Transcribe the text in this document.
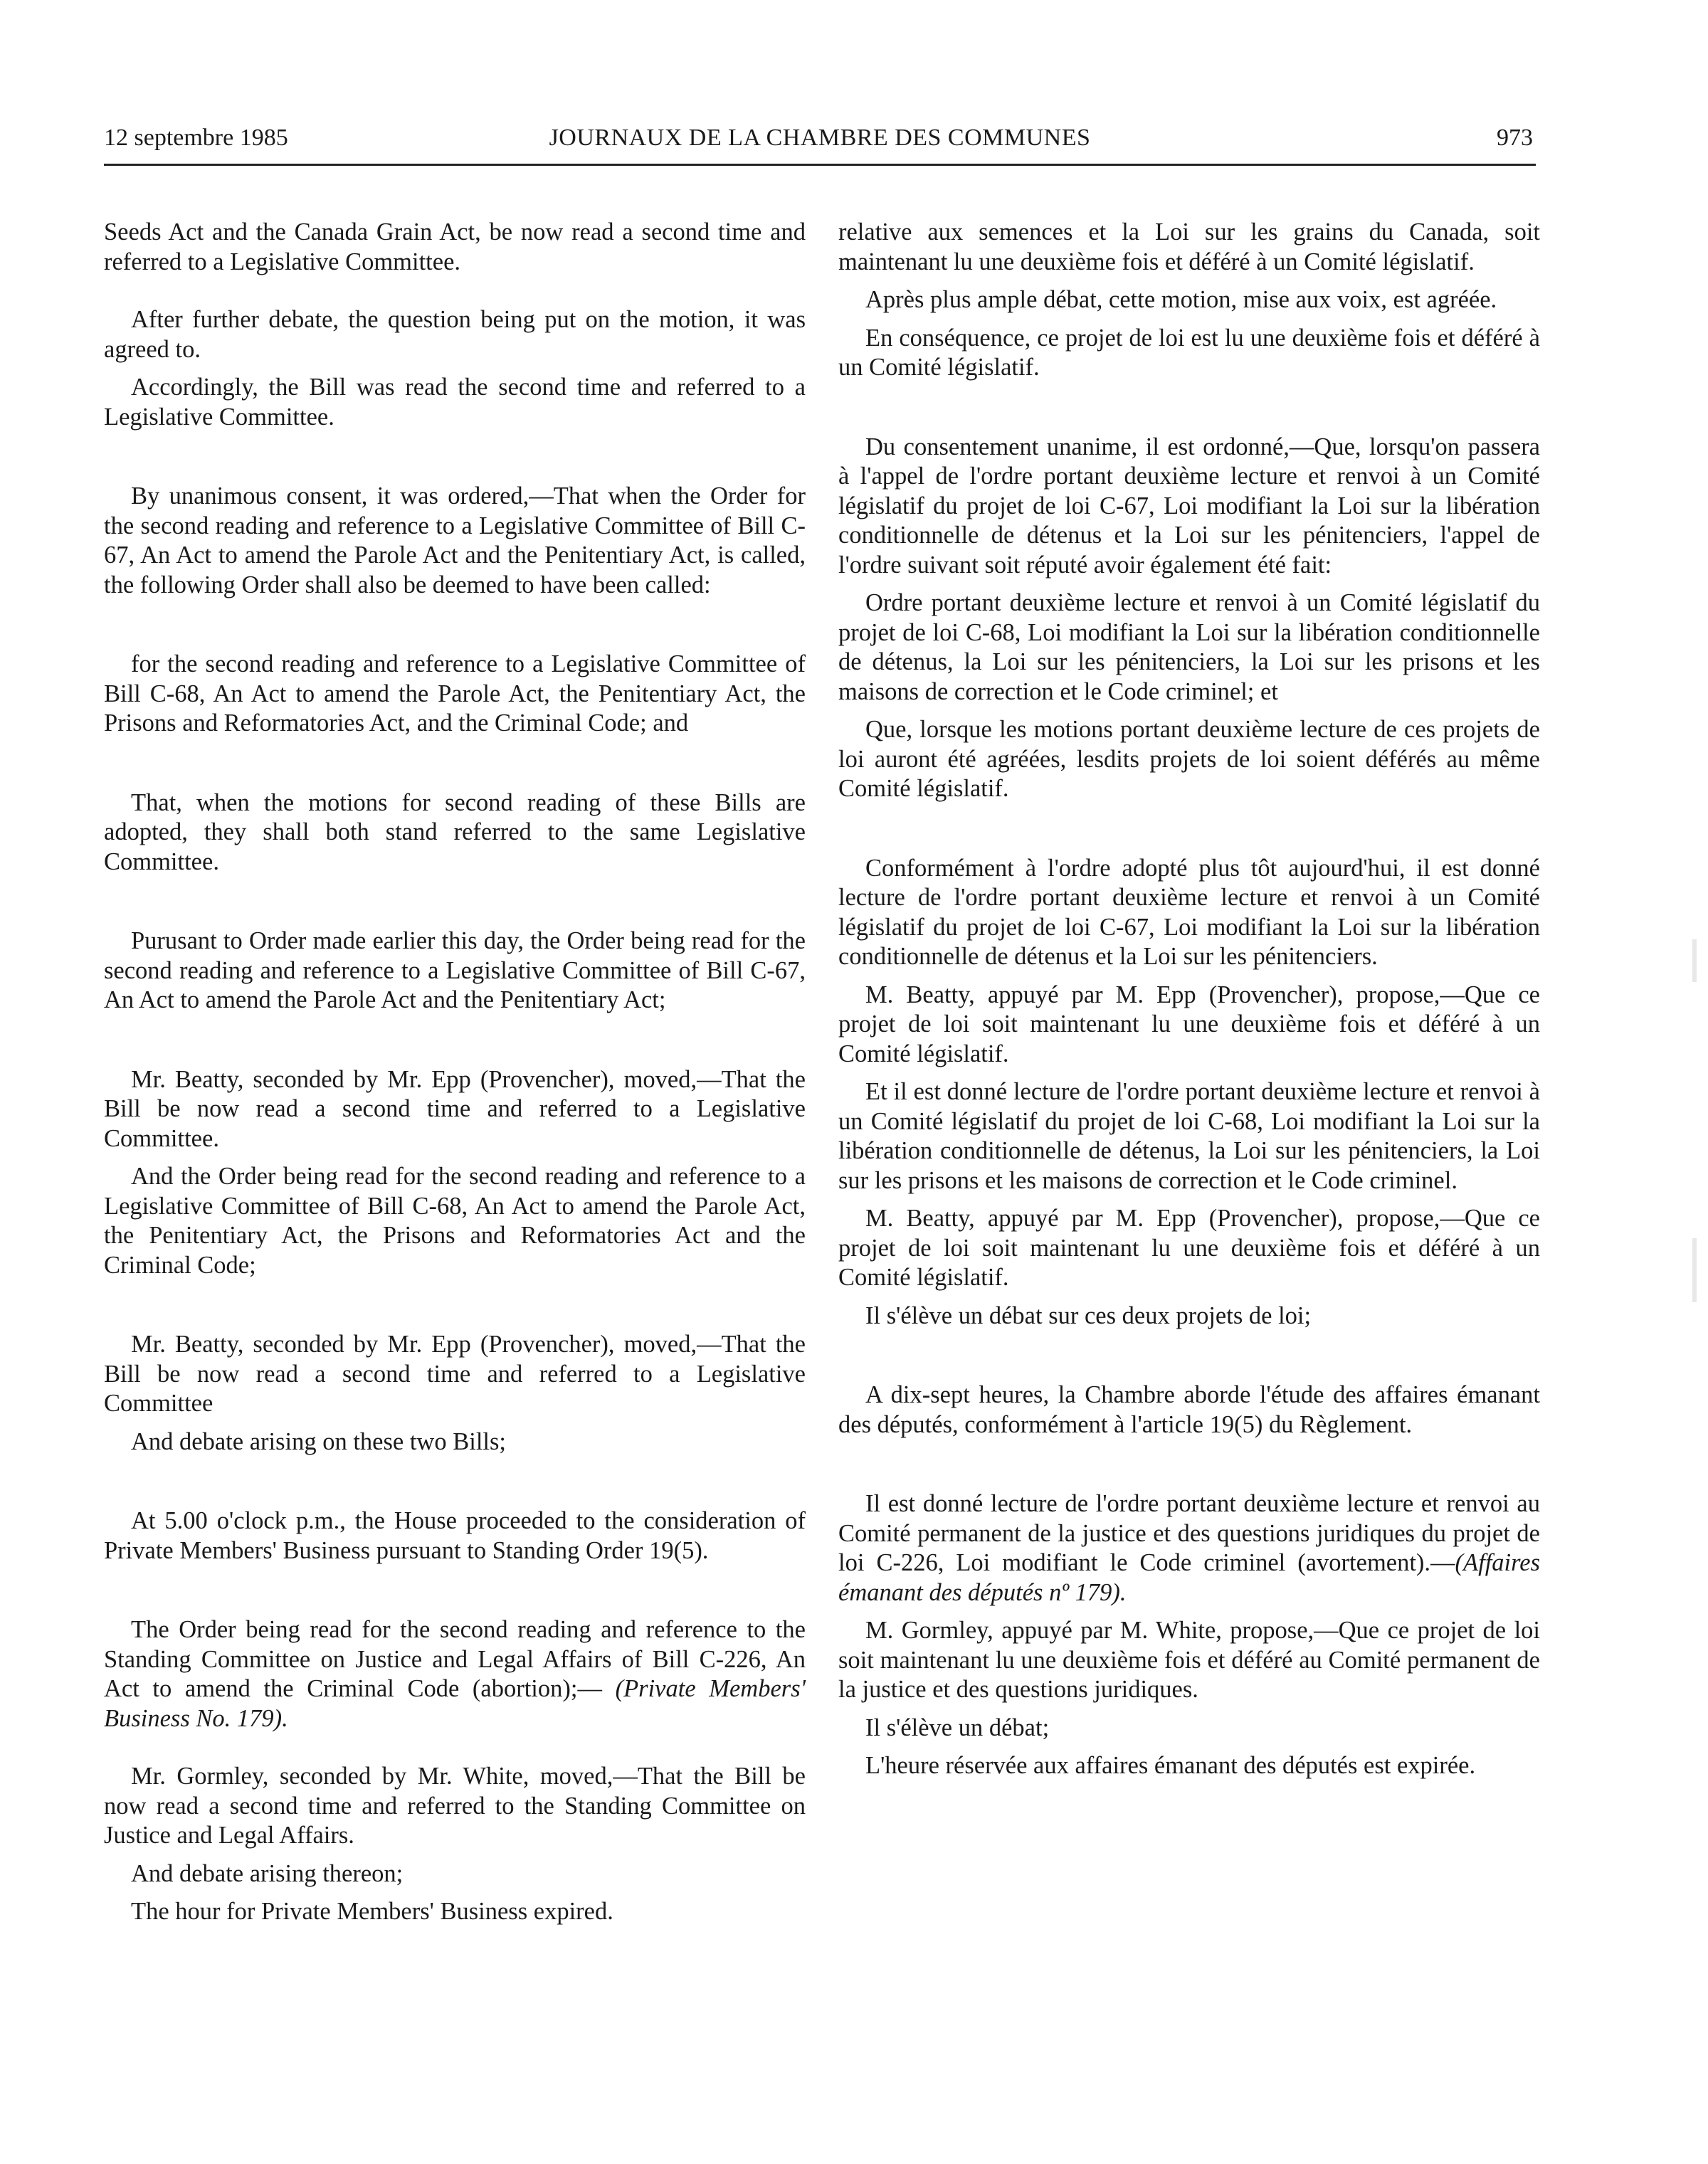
12 septembre 1985	JOURNAUX DE LA CHAMBRE DES COMMUNES	973

Seeds Act and the Canada Grain Act, be now read a second time and referred to a Legislative Committee.

After further debate, the question being put on the motion, it was agreed to.

Accordingly, the Bill was read the second time and referred to a Legislative Committee.

By unanimous consent, it was ordered,—That when the Order for the second reading and reference to a Legislative Committee of Bill C-67, An Act to amend the Parole Act and the Penitentiary Act, is called, the following Order shall also be deemed to have been called:

for the second reading and reference to a Legislative Committee of Bill C-68, An Act to amend the Parole Act, the Penitentiary Act, the Prisons and Reformatories Act, and the Criminal Code; and

That, when the motions for second reading of these Bills are adopted, they shall both stand referred to the same Legislative Committee.

Purusant to Order made earlier this day, the Order being read for the second reading and reference to a Legislative Committee of Bill C-67, An Act to amend the Parole Act and the Penitentiary Act;

Mr. Beatty, seconded by Mr. Epp (Provencher), moved,—That the Bill be now read a second time and referred to a Legislative Committee.

And the Order being read for the second reading and reference to a Legislative Committee of Bill C-68, An Act to amend the Parole Act, the Penitentiary Act, the Prisons and Reformatories Act and the Criminal Code;

Mr. Beatty, seconded by Mr. Epp (Provencher), moved,—That the Bill be now read a second time and referred to a Legislative Committee

And debate arising on these two Bills;

At 5.00 o'clock p.m., the House proceeded to the consideration of Private Members' Business pursuant to Standing Order 19(5).

The Order being read for the second reading and reference to the Standing Committee on Justice and Legal Affairs of Bill C-226, An Act to amend the Criminal Code (abortion);— (Private Members' Business No. 179).

Mr. Gormley, seconded by Mr. White, moved,—That the Bill be now read a second time and referred to the Standing Committee on Justice and Legal Affairs.

And debate arising thereon;

The hour for Private Members' Business expired.

relative aux semences et la Loi sur les grains du Canada, soit maintenant lu une deuxième fois et déféré à un Comité législatif.

Après plus ample débat, cette motion, mise aux voix, est agréée.

En conséquence, ce projet de loi est lu une deuxième fois et déféré à un Comité législatif.

Du consentement unanime, il est ordonné,—Que, lorsqu'on passera à l'appel de l'ordre portant deuxième lecture et renvoi à un Comité législatif du projet de loi C-67, Loi modifiant la Loi sur la libération conditionnelle de détenus et la Loi sur les pénitenciers, l'appel de l'ordre suivant soit réputé avoir également été fait:

Ordre portant deuxième lecture et renvoi à un Comité législatif du projet de loi C-68, Loi modifiant la Loi sur la libération conditionnelle de détenus, la Loi sur les pénitenciers, la Loi sur les prisons et les maisons de correction et le Code criminel; et

Que, lorsque les motions portant deuxième lecture de ces projets de loi auront été agréées, lesdits projets de loi soient déférés au même Comité législatif.

Conformément à l'ordre adopté plus tôt aujourd'hui, il est donné lecture de l'ordre portant deuxième lecture et renvoi à un Comité législatif du projet de loi C-67, Loi modifiant la Loi sur la libération conditionnelle de détenus et la Loi sur les pénitenciers.

M. Beatty, appuyé par M. Epp (Provencher), propose,—Que ce projet de loi soit maintenant lu une deuxième fois et déféré à un Comité législatif.

Et il est donné lecture de l'ordre portant deuxième lecture et renvoi à un Comité législatif du projet de loi C-68, Loi modifiant la Loi sur la libération conditionnelle de détenus, la Loi sur les pénitenciers, la Loi sur les prisons et les maisons de correction et le Code criminel.

M. Beatty, appuyé par M. Epp (Provencher), propose,—Que ce projet de loi soit maintenant lu une deuxième fois et déféré à un Comité législatif.

Il s'élève un débat sur ces deux projets de loi;

A dix-sept heures, la Chambre aborde l'étude des affaires émanant des députés, conformément à l'article 19(5) du Règlement.

Il est donné lecture de l'ordre portant deuxième lecture et renvoi au Comité permanent de la justice et des questions juridiques du projet de loi C-226, Loi modifiant le Code criminel (avortement).—(Affaires émanant des députés nº 179).

M. Gormley, appuyé par M. White, propose,—Que ce projet de loi soit maintenant lu une deuxième fois et déféré au Comité permanent de la justice et des questions juridiques.

Il s'élève un débat;

L'heure réservée aux affaires émanant des députés est expirée.
